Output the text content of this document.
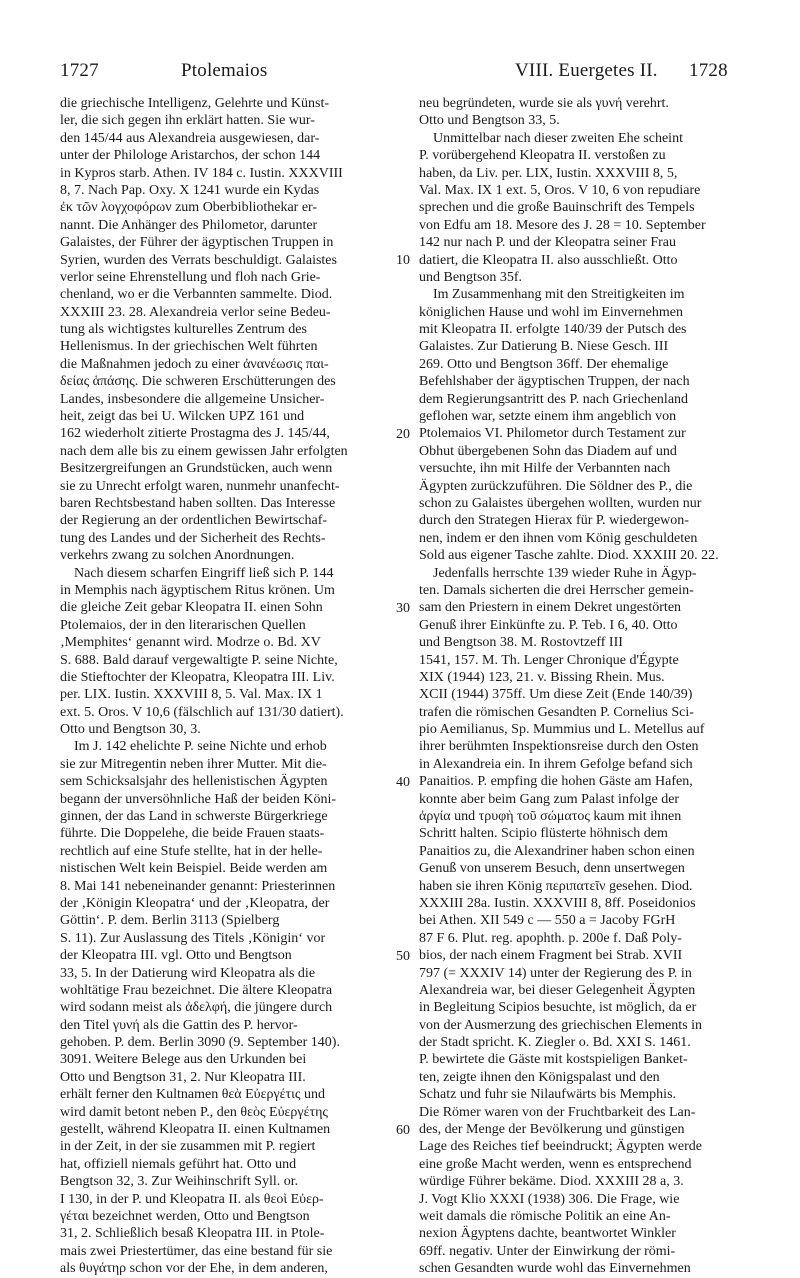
1727	Ptolemaios	VIII. Euergetes II. 1728
die griechische Intelligenz, Gelehrte und Künst-
ler, die sich gegen ihn erklärt hatten. Sie wur-
den 145/44 aus Alexandreia ausgewiesen, dar-
unter der Philologe Aristarchos, der schon 144
in Kypros starb. Athen. IV 184 c. Iustin. XXXVIII
8, 7. Nach Pap. Oxy. X 1241 wurde ein Kydas
ἐκ τῶν λογχοφόρων zum Oberbibliothekar er-
nannt. Die Anhänger des Philometor, darunter
Galaistes, der Führer der ägyptischen Truppen in
Syrien, wurden des Verrats beschuldigt. Galaistes
verlor seine Ehrenstellung und floh nach Grie-
chenland, wo er die Verbannten sammelte. Diod.
XXXIII 23. 28. Alexandreia verlor seine Bedeu-
tung als wichtigstes kulturelles Zentrum des
Hellenismus. In der griechischen Welt führten
die Maßnahmen jedoch zu einer ἀνανέωσις παι-
δείας ἁπάσης. Die schweren Erschütterungen des
Landes, insbesondere die allgemeine Unsicher-
heit, zeigt das bei U. Wilcken UPZ 161 und
162 wiederholt zitierte Prostagma des J. 145/44,
nach dem alle bis zu einem gewissen Jahr erfolgten
Besitzergreifungen an Grundstücken, auch wenn
sie zu Unrecht erfolgt waren, nunmehr unanfecht-
baren Rechtsbestand haben sollten. Das Interesse
der Regierung an der ordentlichen Bewirtschaf-
tung des Landes und der Sicherheit des Rechts-
verkehrs zwang zu solchen Anordnungen.
Nach diesem scharfen Eingriff ließ sich P. 144
in Memphis nach ägyptischem Ritus krönen. Um
die gleiche Zeit gebar Kleopatra II. einen Sohn
Ptolemaios, der in den literarischen Quellen
‚Memphites‘ genannt wird. Modrze o. Bd. XV
S. 688. Bald darauf vergewaltigte P. seine Nichte,
die Stieftochter der Kleopatra, Kleopatra III. Liv.
per. LIX. Iustin. XXXVIII 8, 5. Val. Max. IX 1
ext. 5. Oros. V 10,6 (fälschlich auf 131/30 datiert).
Otto und Bengtson 30, 3.
Im J. 142 ehelichte P. seine Nichte und erhob
sie zur Mitregentin neben ihrer Mutter. Mit die-
sem Schicksalsjahr des hellenistischen Ägypten
begann der unversöhnliche Haß der beiden Köni-
ginnen, der das Land in schwerste Bürgerkriege
führte. Die Doppelehe, die beide Frauen staats-
rechtlich auf eine Stufe stellte, hat in der helle-
nistischen Welt kein Beispiel. Beide werden am
8. Mai 141 nebeneinander genannt: Priesterinnen
der ‚Königin Kleopatra‘ und der ‚Kleopatra, der
Göttin‘. P. dem. Berlin 3113 (Spielberg
S. 11). Zur Auslassung des Titels ‚Königin‘ vor
der Kleopatra III. vgl. Otto und Bengtson
33, 5. In der Datierung wird Kleopatra als die
wohltätige Frau bezeichnet. Die ältere Kleopatra
wird sodann meist als ἀδελφή, die jüngere durch
den Titel γυνή als die Gattin des P. hervor-
gehoben. P. dem. Berlin 3090 (9. September 140).
3091. Weitere Belege aus den Urkunden bei
Otto und Bengtson 31, 2. Nur Kleopatra III.
erhält ferner den Kultnamen θεὰ Εὐεργέτις und
wird damit betont neben P., den θεὸς Εὐεργέτης
gestellt, während Kleopatra II. einen Kultnamen
in der Zeit, in der sie zusammen mit P. regiert
hat, offiziell niemals geführt hat. Otto und
Bengtson 32, 3. Zur Weihinschrift Syll. or.
I 130, in der P. und Kleopatra II. als θεοὶ Εὐερ-
γέται bezeichnet werden, Otto und Bengtson
31, 2. Schließlich besaß Kleopatra III. in Ptole-
mais zwei Priestertümer, das eine bestand für sie
als θυγάτηρ schon vor der Ehe, in dem anderen,
10
20
30
40
50
60
neu begründeten, wurde sie als γυνή verehrt.
Otto und Bengtson 33, 5.
Unmittelbar nach dieser zweiten Ehe scheint
P. vorübergehend Kleopatra II. verstoßen zu
haben, da Liv. per. LIX, Iustin. XXXVIII 8, 5,
Val. Max. IX 1 ext. 5, Oros. V 10, 6 von repudiare
sprechen und die große Bauinschrift des Tempels
von Edfu am 18. Mesore des J. 28 = 10. September
142 nur nach P. und der Kleopatra seiner Frau
datiert, die Kleopatra II. also ausschließt. Otto
und Bengtson 35f.
Im Zusammenhang mit den Streitigkeiten im
königlichen Hause und wohl im Einvernehmen
mit Kleopatra II. erfolgte 140/39 der Putsch des
Galaistes. Zur Datierung B. Niese Gesch. III
269. Otto und Bengtson 36ff. Der ehemalige
Befehlshaber der ägyptischen Truppen, der nach
dem Regierungsantritt des P. nach Griechenland
geflohen war, setzte einem ihm angeblich von
Ptolemaios VI. Philometor durch Testament zur
Obhut übergebenen Sohn das Diadem auf und
versuchte, ihn mit Hilfe der Verbannten nach
Ägypten zurückzuführen. Die Söldner des P., die
schon zu Galaistes übergehen wollten, wurden nur
durch den Strategen Hierax für P. wiedergewon-
nen, indem er den ihnen vom König geschuldeten
Sold aus eigener Tasche zahlte. Diod. XXXIII 20. 22.
Jedenfalls herrschte 139 wieder Ruhe in Ägyp-
ten. Damals sicherten die drei Herrscher gemein-
sam den Priestern in einem Dekret ungestörten
Genuß ihrer Einkünfte zu. P. Teb. I 6, 40. Otto
und Bengtson 38. M. Rostovtzeff III
1541, 157. M. Th. Lenger Chronique d'Égypte
XIX (1944) 123, 21. v. Bissing Rhein. Mus.
XCII (1944) 375ff. Um diese Zeit (Ende 140/39)
trafen die römischen Gesandten P. Cornelius Sci-
pio Aemilianus, Sp. Mummius und L. Metellus auf
ihrer berühmten Inspektionsreise durch den Osten
in Alexandreia ein. In ihrem Gefolge befand sich
Panaitios. P. empfing die hohen Gäste am Hafen,
konnte aber beim Gang zum Palast infolge der
ἀργία und τρυφὴ τοῦ σώματος kaum mit ihnen
Schritt halten. Scipio flüsterte höhnisch dem
Panaitios zu, die Alexandriner haben schon einen
Genuß von unserem Besuch, denn unsertwegen
haben sie ihren König περιπατεῖν gesehen. Diod.
XXXIII 28a. Iustin. XXXVIII 8, 8ff. Poseidonios
bei Athen. XII 549 c — 550 a = Jacoby FGrH
87 F 6. Plut. reg. apophth. p. 200e f. Daß Poly-
bios, der nach einem Fragment bei Strab. XVII
797 (= XXXIV 14) unter der Regierung des P. in
Alexandreia war, bei dieser Gelegenheit Ägypten
in Begleitung Scipios besuchte, ist möglich, da er
von der Ausmerzung des griechischen Elements in
der Stadt spricht. K. Ziegler o. Bd. XXI S. 1461.
P. bewirtete die Gäste mit kostspieligen Banket-
ten, zeigte ihnen den Königspalast und den
Schatz und fuhr sie Nilaufwärts bis Memphis.
Die Römer waren von der Fruchtbarkeit des Lan-
des, der Menge der Bevölkerung und günstigen
Lage des Reiches tief beeindruckt; Ägypten werde
eine große Macht werden, wenn es entsprechend
würdige Führer bekäme. Diod. XXXIII 28 a, 3.
J. Vogt Klio XXXI (1938) 306. Die Frage, wie
weit damals die römische Politik an eine An-
nexion Ägyptens dachte, beantwortet Winkler
69ff. negativ. Unter der Einwirkung der römi-
schen Gesandten wurde wohl das Einvernehmen
